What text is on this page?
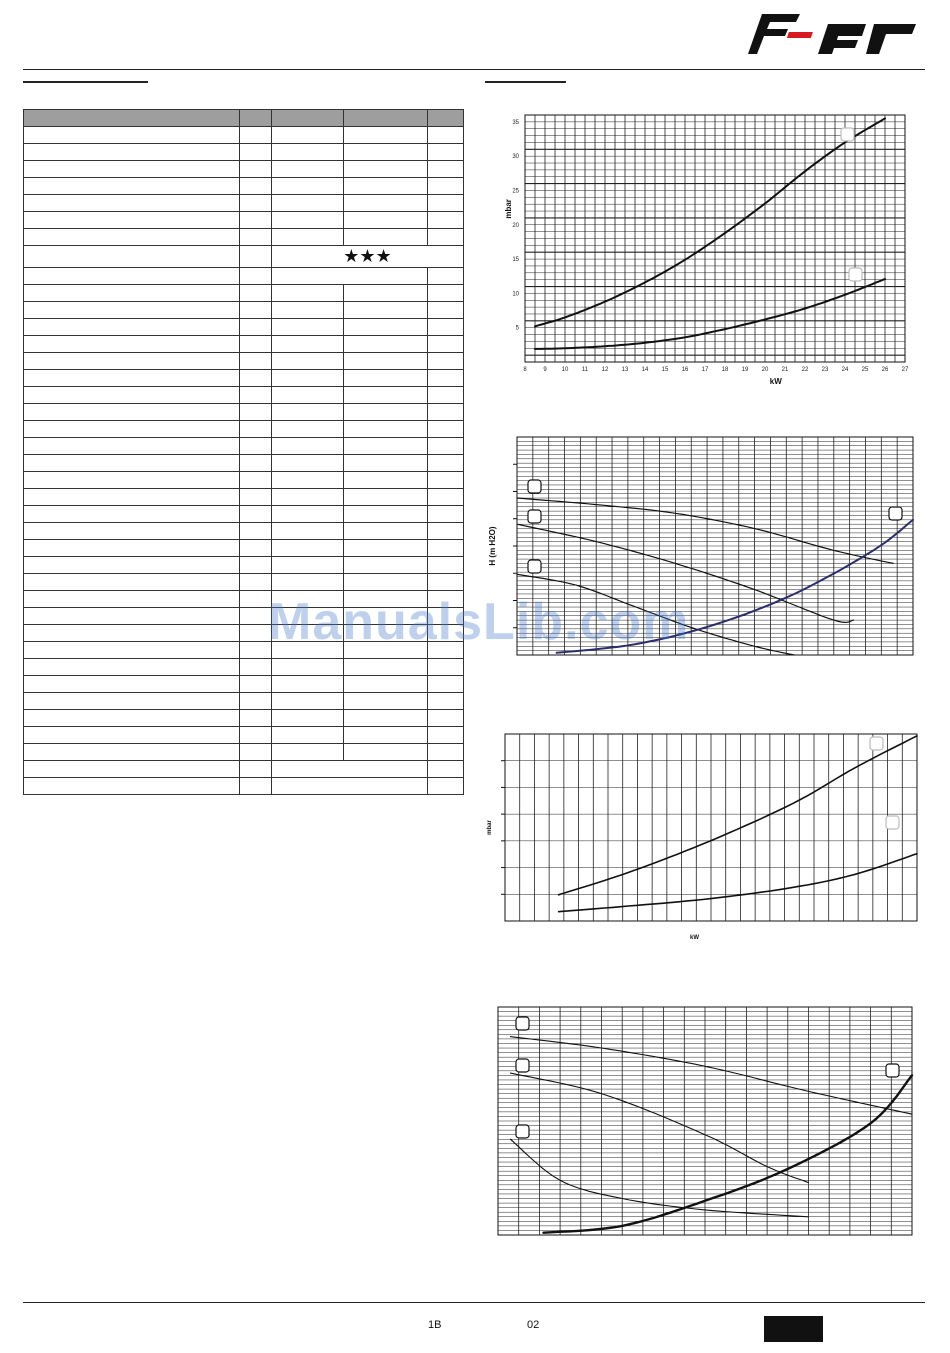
		★★★		

8	9 10 11 12 13 14 15 16 17 18 19 20 21 22 23 24 25 26 27
5
10
15
20
25
30
35
kW
mbar
H (m H2O)
kW
mbar
ManualsLib.com
1B	02
